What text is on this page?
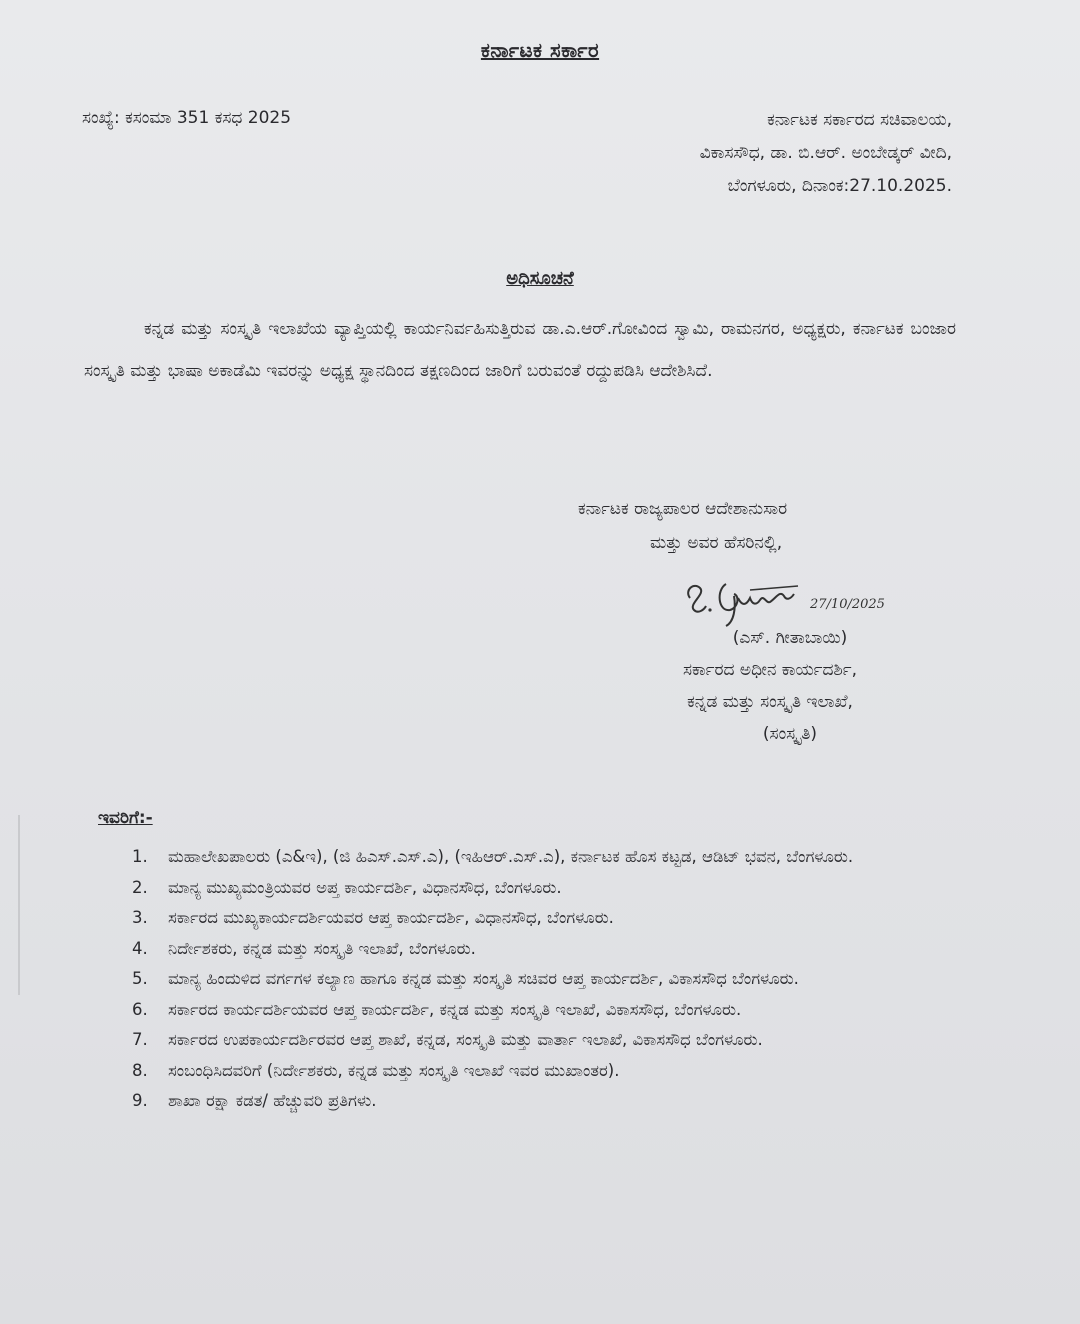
ಕರ್ನಾಟಕ ಸರ್ಕಾರ
ಸಂಖ್ಯೆ: ಕಸಂಮಾ 351 ಕಸಧ 2025	ಕರ್ನಾಟಕ ಸರ್ಕಾರದ ಸಚಿವಾಲಯ,
ವಿಕಾಸಸೌಧ, ಡಾ. ಬಿ.ಆರ್. ಅಂಬೇಡ್ಕರ್ ವೀದಿ,
ಬೆಂಗಳೂರು, ದಿನಾಂಕ:27.10.2025.
ಅಧಿಸೂಚನೆ
ಕನ್ನಡ ಮತ್ತು ಸಂಸ್ಕೃತಿ ಇಲಾಖೆಯ ವ್ಯಾಪ್ತಿಯಲ್ಲಿ ಕಾರ್ಯನಿರ್ವಹಿಸುತ್ತಿರುವ ಡಾ.ಎ.ಆರ್.ಗೋವಿಂದ ಸ್ವಾಮಿ, ರಾಮನಗರ, ಅಧ್ಯಕ್ಷರು, ಕರ್ನಾಟಕ ಬಂಜಾರ ಸಂಸ್ಕೃತಿ ಮತ್ತು ಭಾಷಾ ಅಕಾಡೆಮಿ ಇವರನ್ನು ಅಧ್ಯಕ್ಷ ಸ್ಥಾನದಿಂದ ತಕ್ಷಣದಿಂದ ಜಾರಿಗೆ ಬರುವಂತೆ ರದ್ದುಪಡಿಸಿ ಆದೇಶಿಸಿದೆ.
ಕರ್ನಾಟಕ ರಾಜ್ಯಪಾಲರ ಆದೇಶಾನುಸಾರ
ಮತ್ತು ಅವರ ಹೆಸರಿನಲ್ಲಿ,
27/10/2025
(ಎಸ್. ಗೀತಾಬಾಯಿ)
ಸರ್ಕಾರದ ಅಧೀನ ಕಾರ್ಯದರ್ಶಿ,
ಕನ್ನಡ ಮತ್ತು ಸಂಸ್ಕೃತಿ ಇಲಾಖೆ,
(ಸಂಸ್ಕೃತಿ)
ಇವರಿಗೆ:-
1.	ಮಹಾಲೇಖಪಾಲರು (ಎ&ಇ), (ಜಿ ಹಿಎಸ್.ಎಸ್.ಎ), (ಇಹಿಆರ್.ಎಸ್.ಎ), ಕರ್ನಾಟಕ ಹೊಸ ಕಟ್ಟಡ, ಆಡಿಟ್ ಭವನ, ಬೆಂಗಳೂರು.
2.	ಮಾನ್ಯ ಮುಖ್ಯಮಂತ್ರಿಯವರ ಅಪ್ತ ಕಾರ್ಯದರ್ಶಿ, ವಿಧಾನಸೌಧ, ಬೆಂಗಳೂರು.
3.	ಸರ್ಕಾರದ ಮುಖ್ಯಕಾರ್ಯದರ್ಶಿಯವರ ಆಪ್ತ ಕಾರ್ಯದರ್ಶಿ, ವಿಧಾನಸೌಧ, ಬೆಂಗಳೂರು.
4.	ನಿರ್ದೇಶಕರು, ಕನ್ನಡ ಮತ್ತು ಸಂಸ್ಕೃತಿ ಇಲಾಖೆ, ಬೆಂಗಳೂರು.
5.	ಮಾನ್ಯ ಹಿಂದುಳಿದ ವರ್ಗಗಳ ಕಲ್ಯಾಣ ಹಾಗೂ ಕನ್ನಡ ಮತ್ತು ಸಂಸ್ಕೃತಿ ಸಚಿವರ ಆಪ್ತ ಕಾರ್ಯದರ್ಶಿ, ವಿಕಾಸಸೌಧ ಬೆಂಗಳೂರು.
6.	ಸರ್ಕಾರದ ಕಾರ್ಯದರ್ಶಿಯವರ ಆಪ್ತ ಕಾರ್ಯದರ್ಶಿ, ಕನ್ನಡ ಮತ್ತು ಸಂಸ್ಕೃತಿ ಇಲಾಖೆ, ವಿಕಾಸಸೌಧ, ಬೆಂಗಳೂರು.
7.	ಸರ್ಕಾರದ ಉಪಕಾರ್ಯದರ್ಶಿರವರ ಆಪ್ತ ಶಾಖೆ, ಕನ್ನಡ, ಸಂಸ್ಕೃತಿ ಮತ್ತು ವಾರ್ತಾ ಇಲಾಖೆ, ವಿಕಾಸಸೌಧ ಬೆಂಗಳೂರು.
8.	ಸಂಬಂಧಿಸಿದವರಿಗೆ (ನಿರ್ದೇಶಕರು, ಕನ್ನಡ ಮತ್ತು ಸಂಸ್ಕೃತಿ ಇಲಾಖೆ ಇವರ ಮುಖಾಂತರ).
9.	ಶಾಖಾ ರಕ್ಷಾ ಕಡತ/ ಹೆಚ್ಚುವರಿ ಪ್ರತಿಗಳು.
